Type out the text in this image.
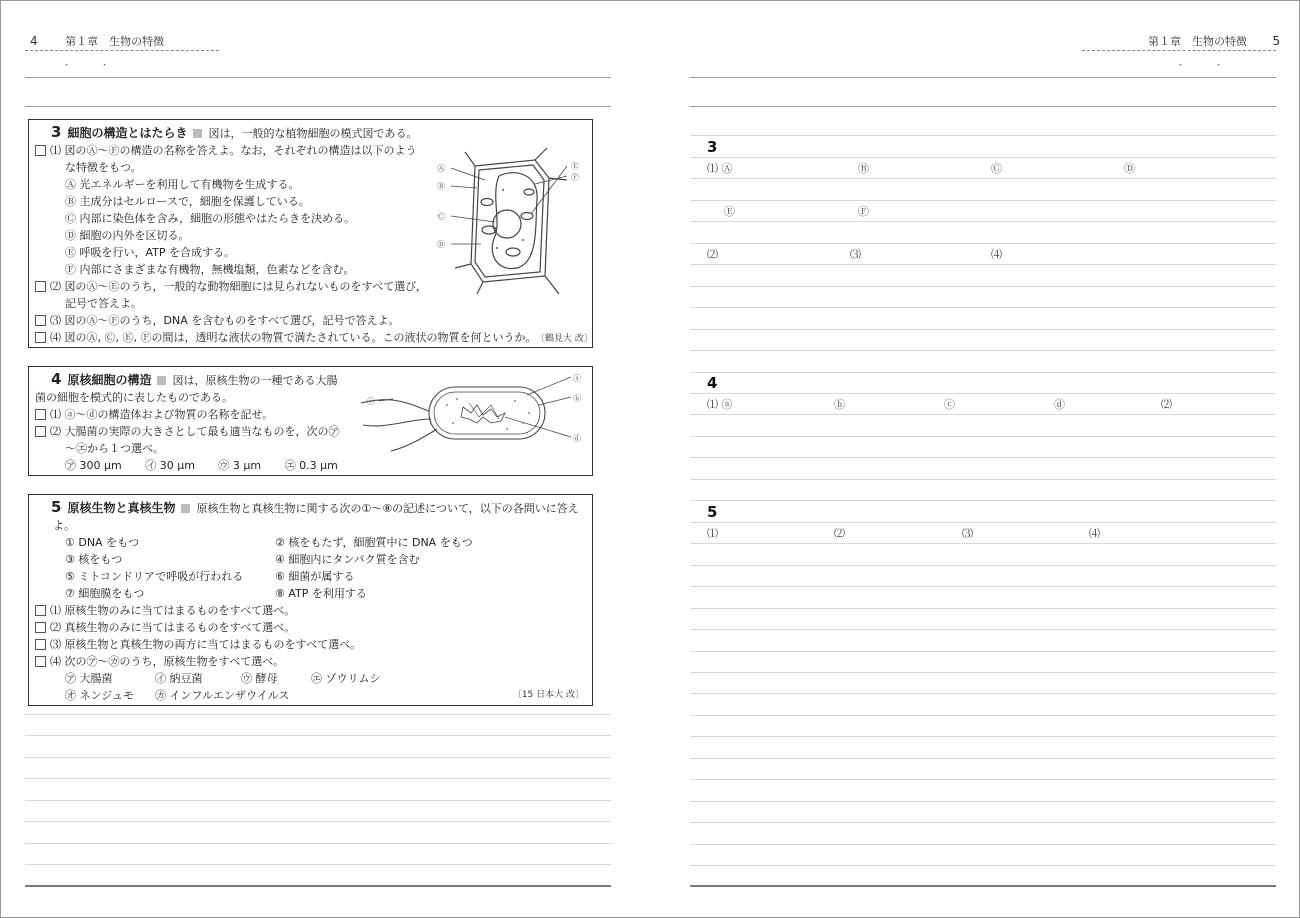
4	第１章　生物の特徴
・	・
3 細胞の構造とはたらき 図は，一般的な植物細胞の模式図である。
⑴ 図のⒶ～Ⓕの構造の名称を答えよ。なお，それぞれの構造は以下のよう
な特徴をもつ。
Ⓐ 光エネルギーを利用して有機物を生成する。
Ⓑ 主成分はセルロースで，細胞を保護している。
Ⓒ 内部に染色体を含み，細胞の形態やはたらきを決める。
Ⓓ 細胞の内外を区切る。
Ⓔ 呼吸を行い，ATP を合成する。
Ⓕ 内部にさまざまな有機物，無機塩類，色素などを含む。
⑵ 図のⒶ～Ⓔのうち，一般的な動物細胞には見られないものをすべて選び，
記号で答えよ。
⑶ 図のⒶ～Ⓕのうち，DNA を含むものをすべて選び，記号で答えよ。
⑷ 図のⒶ, Ⓒ, Ⓔ, Ⓕの間は，透明な液状の物質で満たされている。この液状の物質を何というか。 〔鶴見大 改〕
Ⓐ
Ⓑ
Ⓒ
Ⓓ
Ⓔ
Ⓕ
4 原核細胞の構造 図は，原核生物の一種である大腸
菌の細胞を模式的に表したものである。
⑴ ⓐ～ⓓの構造体および物質の名称を記せ。
⑵ 大腸菌の実際の大きさとして最も適当なものを，次の㋐
～㋓から１つ選べ。
㋐ 300 µm ㋑ 30 µm ㋒ 3 µm ㋓ 0.3 µm
ⓐ
ⓑ
ⓒ
ⓓ
5 原核生物と真核生物 原核生物と真核生物に関する次の①～⑧の記述について，以下の各問いに答え
よ。
① DNA をもつ	② 核をもたず，細胞質中に DNA をもつ
③ 核をもつ	④ 細胞内にタンパク質を含む
⑤ ミトコンドリアで呼吸が行われる	⑥ 細菌が属する
⑦ 細胞膜をもつ	⑧ ATP を利用する
⑴ 原核生物のみに当てはまるものをすべて選べ。
⑵ 真核生物のみに当てはまるものをすべて選べ。
⑶ 原核生物と真核生物の両方に当てはまるものをすべて選べ。
⑷ 次の㋐～㋕のうち，原核生物をすべて選べ。
㋐ 大腸菌	㋑ 納豆菌	㋒ 酵母	㋓ ゾウリムシ
㋔ ネンジュモ ㋕ インフルエンザウイルス	〔15 日本大 改〕
第１章　生物の特徴 5
・	・
3
⑴ Ⓐ	Ⓑ	Ⓒ	Ⓓ
Ⓔ	Ⓕ
⑵	⑶	⑷
4
⑴ ⓐ	ⓑ	ⓒ	ⓓ	⑵
5
⑴	⑵	⑶	⑷
